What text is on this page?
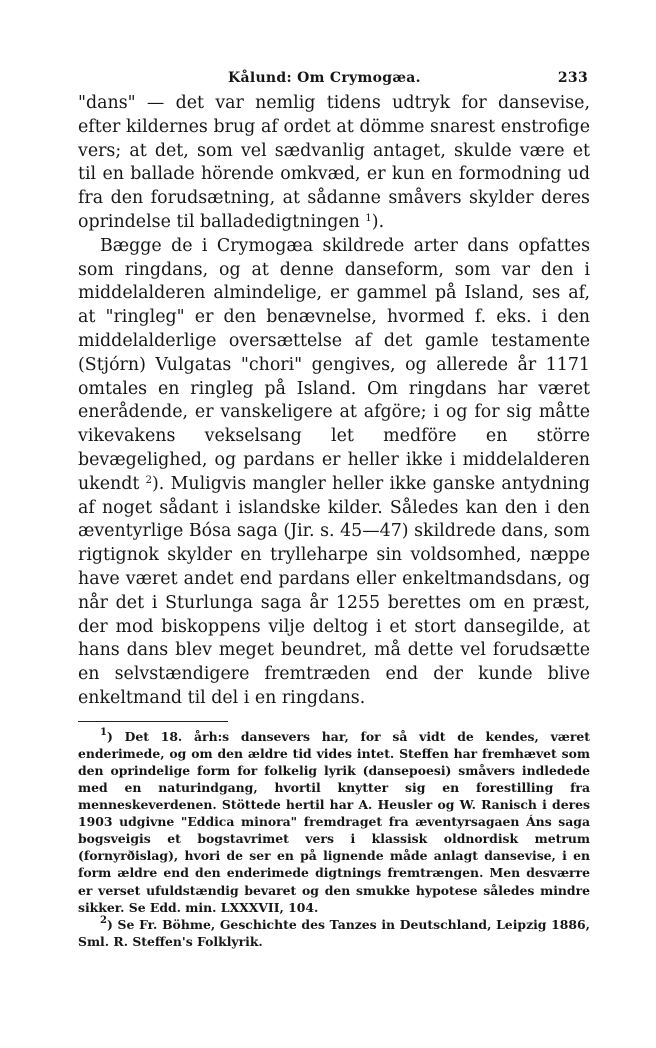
Kålund: Om Crymogæa.	233

"dans" — det var nemlig tidens udtryk for dansevise, efter kildernes brug af ordet at dömme snarest enstrofige vers; at det, som vel sædvanlig antaget, skulde være et til en ballade hörende omkvæd, er kun en formodning ud fra den forudsætning, at sådanne småvers skylder deres oprindelse til balladedigtningen $^1$).

Bægge de i Crymogæa skildrede arter dans opfattes som ringdans, og at denne danseform, som var den i middelalderen almindelige, er gammel på Island, ses af, at "ringleg" er den benævnelse, hvormed f. eks. i den middelalderlige oversættelse af det gamle testamente (Stjórn) Vulgatas "chori" gengives, og allerede år 1171 omtales en ringleg på Island. Om ringdans har været enerådende, er vanskeligere at afgöre; i og for sig måtte vikevakens vekselsang let medföre en större bevægelighed, og pardans er heller ikke i middelalderen ukendt $^2$). Muligvis mangler heller ikke ganske antydning af noget sådant i islandske kilder. Således kan den i den æventyrlige Bósa saga (Jir. s. 45—47) skildrede dans, som rigtignok skylder en trylleharpe sin voldsomhed, næppe have været andet end pardans eller enkeltmandsdans, og når det i Sturlunga saga år 1255 berettes om en præst, der mod biskoppens vilje deltog i et stort dansegilde, at hans dans blev meget beundret, må dette vel forudsætte en selvstændigere fremtræden end der kunde blive enkeltmand til del i en ringdans.

$^1$) Det 18. årh:s dansevers har, for så vidt de kendes, været enderimede, og om den ældre tid vides intet. Steffen har fremhævet som den oprindelige form for folkelig lyrik (dansepoesi) småvers indledede med en naturindgang, hvortil knytter sig en forestilling fra menneskeverdenen. Stöttede hertil har A. Heusler og W. Ranisch i deres 1903 udgivne "Eddica minora" fremdraget fra æventyrsagaen Áns saga bogsveigis et bogstavrimet vers i klassisk oldnordisk metrum (fornyrðislag), hvori de ser en på lignende måde anlagt dansevise, i en form ældre end den enderimede digtnings fremtrængen. Men desværre er verset ufuldstændig bevaret og den smukke hypotese således mindre sikker. Se Edd. min. LXXXVII, 104.

$^2$) Se Fr. Böhme, Geschichte des Tanzes in Deutschland, Leipzig 1886, Sml. R. Steffen's Folklyrik.
